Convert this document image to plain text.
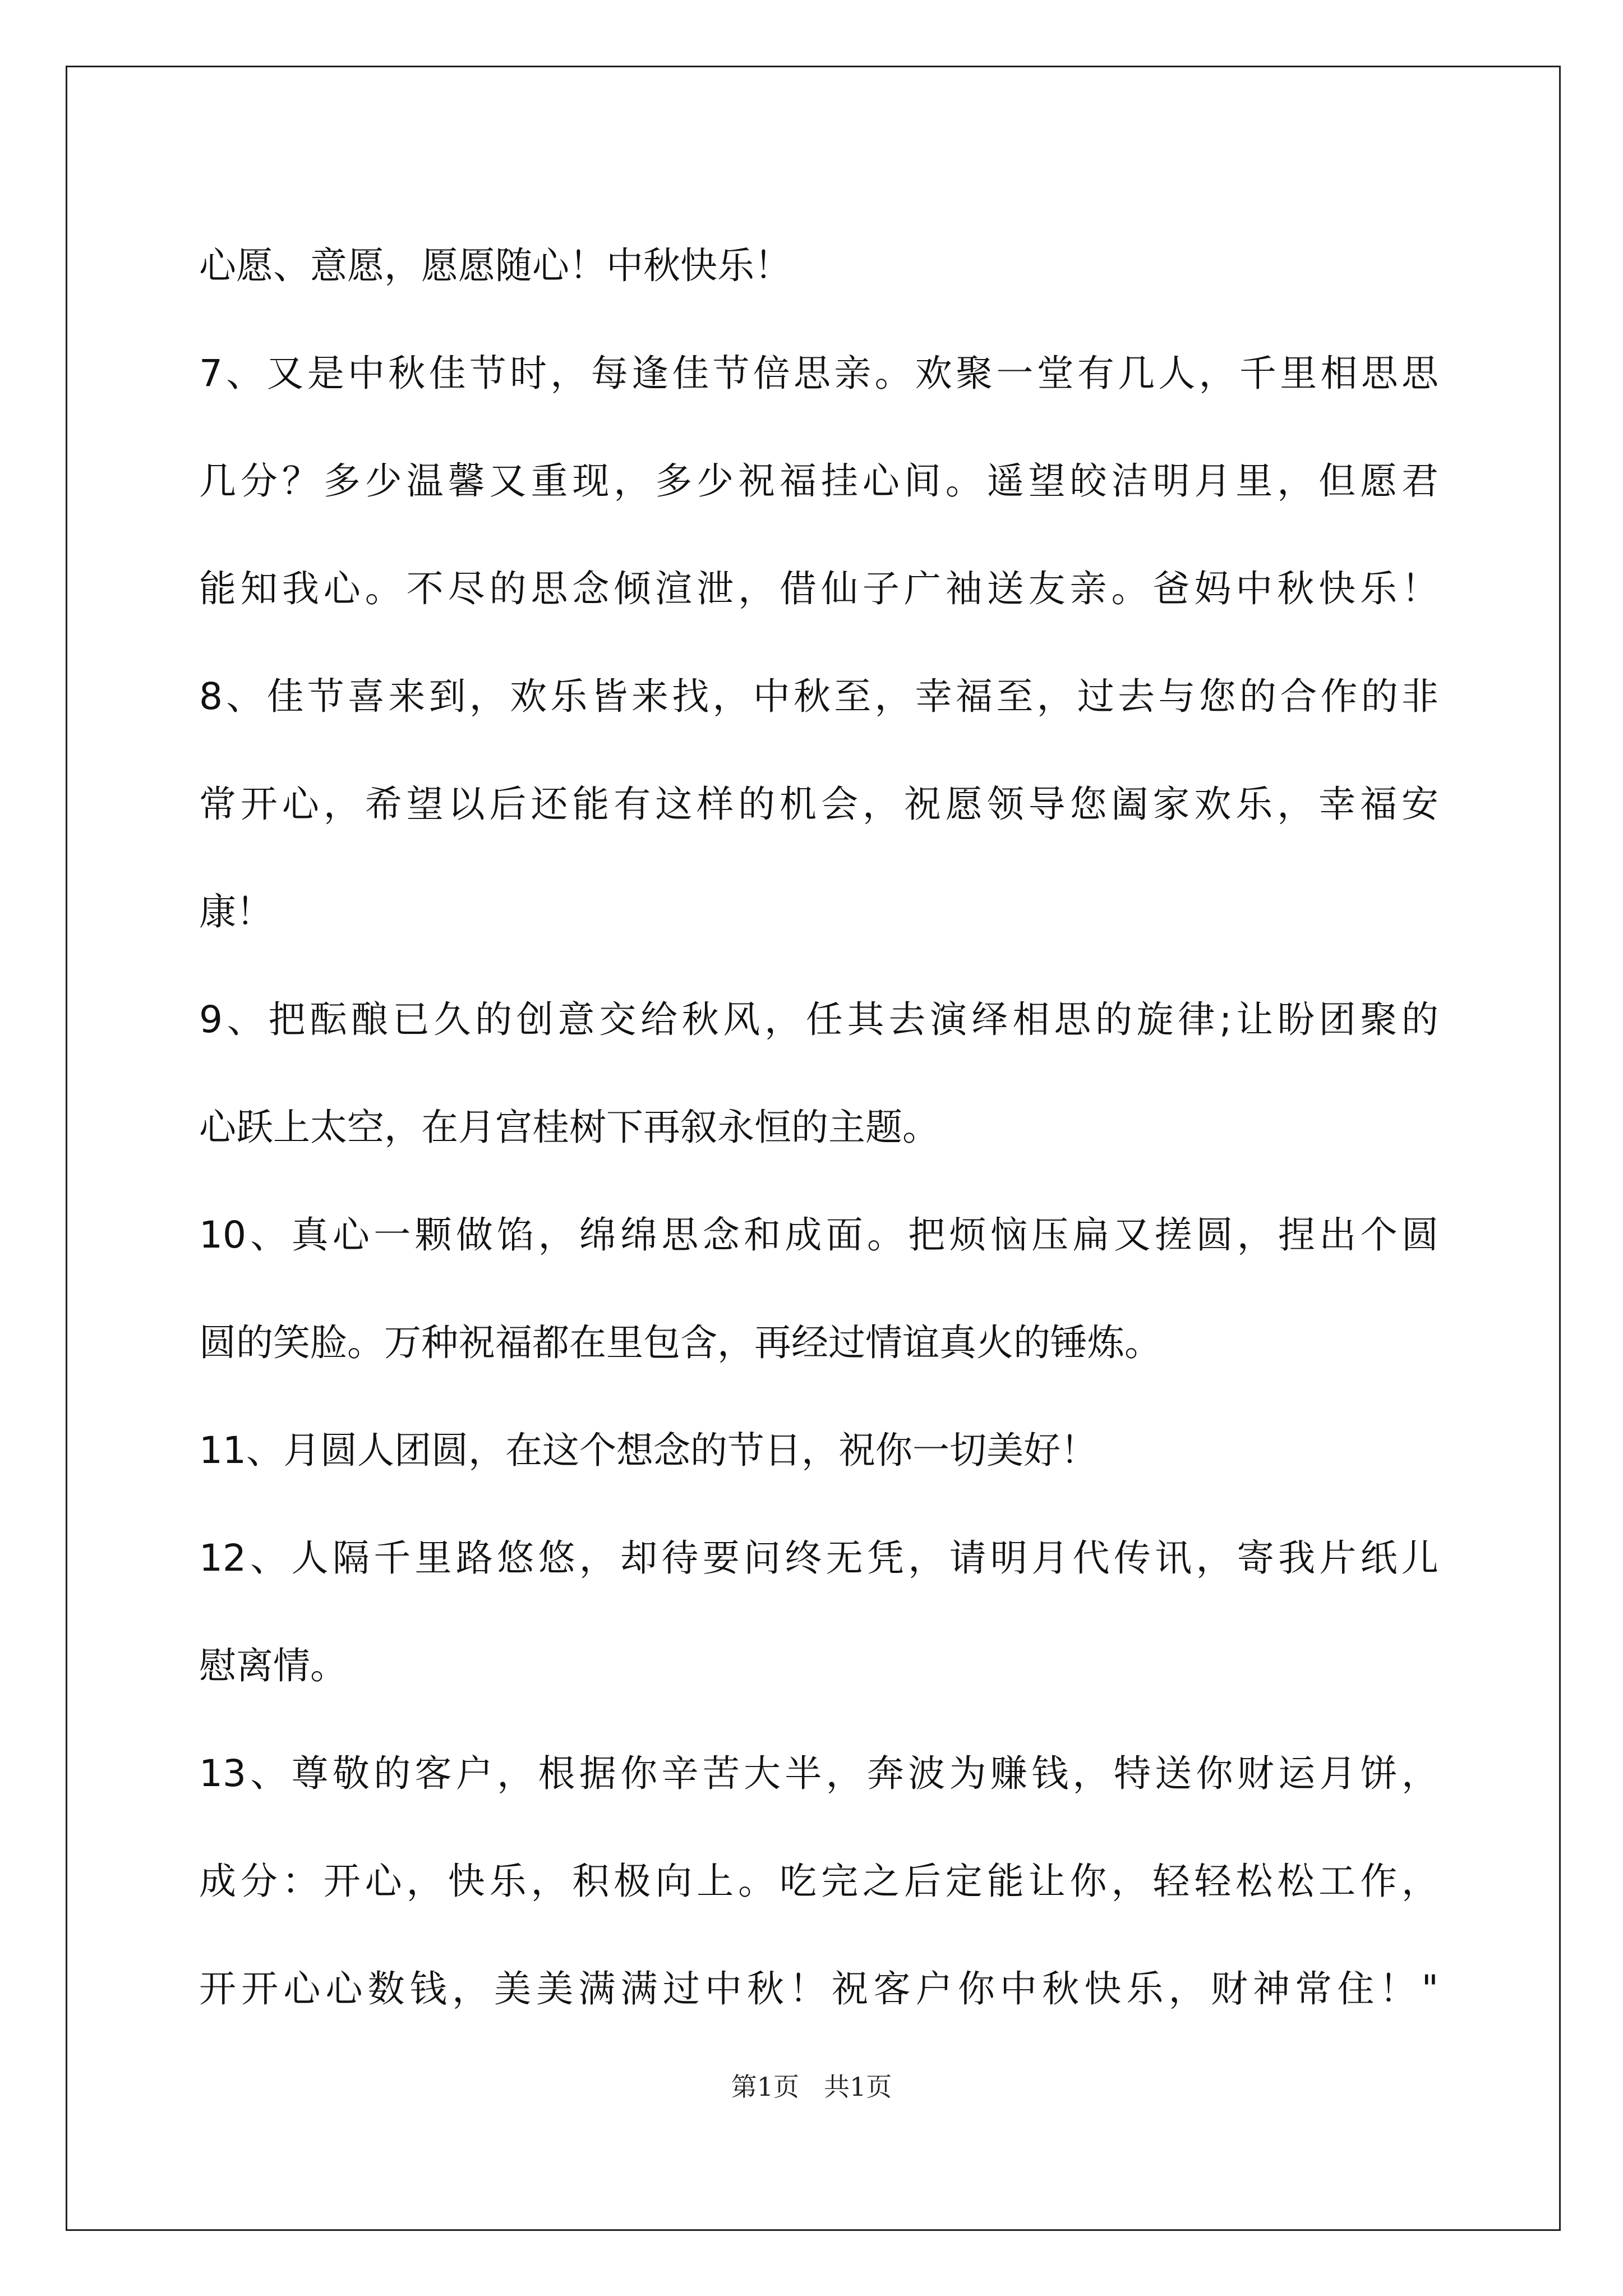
心愿、意愿，愿愿随心！中秋快乐！
7、又是中秋佳节时，每逢佳节倍思亲。欢聚一堂有几人，千里相思思
几分？多少温馨又重现，多少祝福挂心间。遥望皎洁明月里，但愿君
能知我心。不尽的思念倾渲泄，借仙子广袖送友亲。爸妈中秋快乐！
8、佳节喜来到，欢乐皆来找，中秋至，幸福至，过去与您的合作的非
常开心，希望以后还能有这样的机会，祝愿领导您阖家欢乐，幸福安
康！
9、把酝酿已久的创意交给秋风，任其去演绎相思的旋律;让盼团聚的
心跃上太空，在月宫桂树下再叙永恒的主题。
10、真心一颗做馅，绵绵思念和成面。把烦恼压扁又搓圆，捏出个圆
圆的笑脸。万种祝福都在里包含，再经过情谊真火的锤炼。
11、月圆人团圆，在这个想念的节日，祝你一切美好！
12、人隔千里路悠悠，却待要问终无凭，请明月代传讯，寄我片纸儿
慰离情。
13、尊敬的客户，根据你辛苦大半，奔波为赚钱，特送你财运月饼，
成分：开心，快乐，积极向上。吃完之后定能让你，轻轻松松工作，
开开心心数钱，美美满满过中秋！祝客户你中秋快乐，财神常住！"
第1页 共1页
